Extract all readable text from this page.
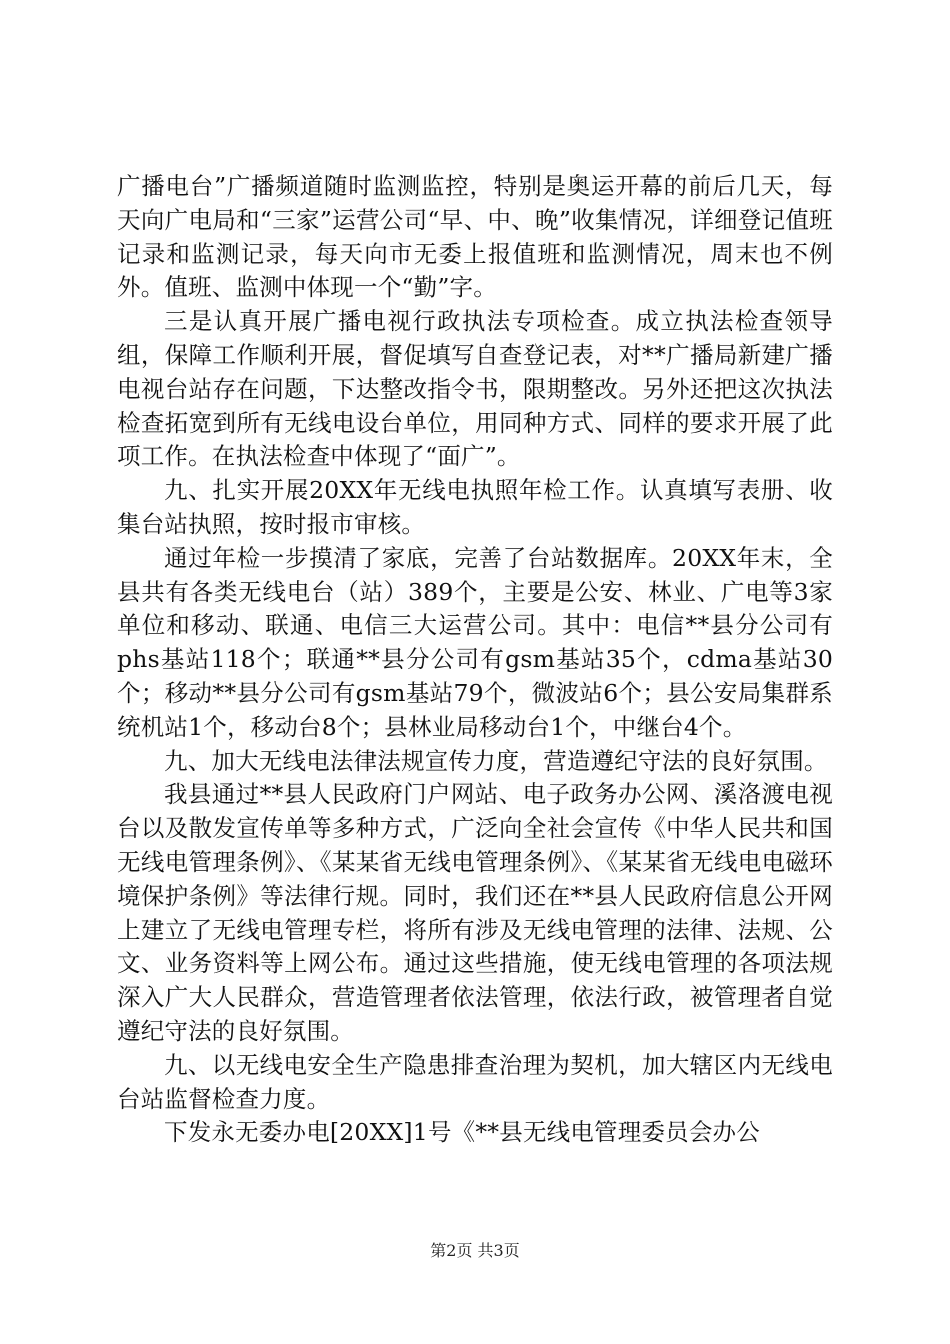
广播电台”广播频道随时监测监控，特别是奥运开幕的前后几天，每天向广电局和“三家”运营公司“早、中、晚”收集情况，详细登记值班记录和监测记录，每天向市无委上报值班和监测情况，周末也不例外。值班、监测中体现一个“勤”字。

三是认真开展广播电视行政执法专项检查。成立执法检查领导组，保障工作顺利开展，督促填写自查登记表，对**广播局新建广播电视台站存在问题，下达整改指令书，限期整改。另外还把这次执法检查拓宽到所有无线电设台单位，用同种方式、同样的要求开展了此项工作。在执法检查中体现了“面广”。

九、扎实开展20XX年无线电执照年检工作。认真填写表册、收集台站执照，按时报市审核。

通过年检一步摸清了家底，完善了台站数据库。20XX年末，全县共有各类无线电台（站）389个，主要是公安、林业、广电等3家单位和移动、联通、电信三大运营公司。其中：电信**县分公司有phs基站118个；联通**县分公司有gsm基站35个，cdma基站30个；移动**县分公司有gsm基站79个，微波站6个；县公安局集群系统机站1个，移动台8个；县林业局移动台1个，中继台4个。

九、加大无线电法律法规宣传力度，营造遵纪守法的良好氛围。

我县通过**县人民政府门户网站、电子政务办公网、溪洛渡电视台以及散发宣传单等多种方式，广泛向全社会宣传《中华人民共和国无线电管理条例》、《某某省无线电管理条例》、《某某省无线电电磁环境保护条例》等法律行规。同时，我们还在**县人民政府信息公开网上建立了无线电管理专栏，将所有涉及无线电管理的法律、法规、公文、业务资料等上网公布。通过这些措施，使无线电管理的各项法规深入广大人民群众，营造管理者依法管理，依法行政，被管理者自觉遵纪守法的良好氛围。

九、以无线电安全生产隐患排查治理为契机，加大辖区内无线电台站监督检查力度。

下发永无委办电[20XX]1号《**县无线电管理委员会办公

第2页 共3页
